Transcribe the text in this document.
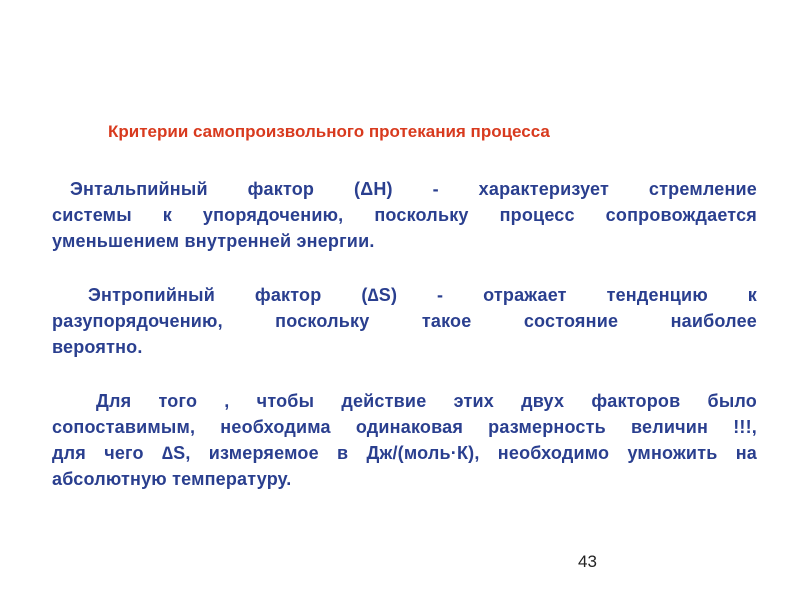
Критерии самопроизвольного протекания процесса
Энтальпийный фактор (ΔН) - характеризует стремление
системы к упорядочению, поскольку процесс сопровождается
уменьшением внутренней энергии.
Энтропийный фактор (∆S) - отражает тенденцию к
разупорядочению, поскольку такое состояние наиболее
вероятно.
Для того , чтобы действие этих двух факторов было
сопоставимым, необходима одинаковая размерность величин !!!,
для чего ∆S, измеряемое в Дж/(моль·К), необходимо умножить на
абсолютную температуру.
43
